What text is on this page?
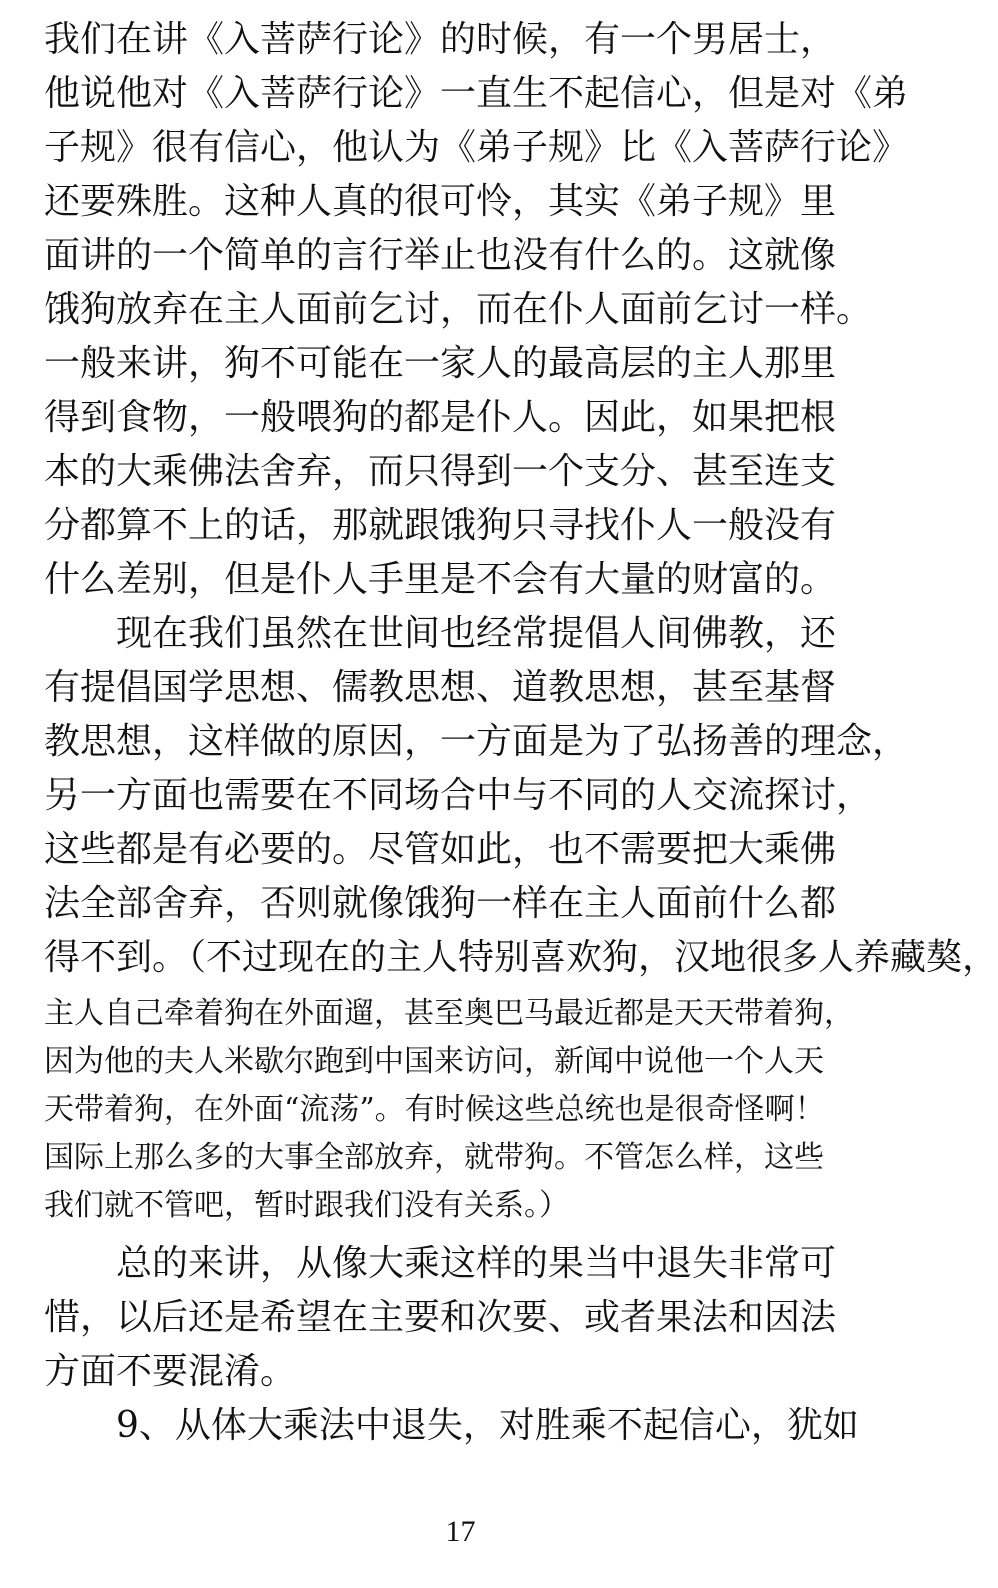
我们在讲《入菩萨行论》的时候，有一个男居士，
他说他对《入菩萨行论》一直生不起信心，但是对《弟
子规》很有信心，他认为《弟子规》比《入菩萨行论》
还要殊胜。这种人真的很可怜，其实《弟子规》里
面讲的一个简单的言行举止也没有什么的。这就像
饿狗放弃在主人面前乞讨，而在仆人面前乞讨一样。
一般来讲，狗不可能在一家人的最高层的主人那里
得到食物，一般喂狗的都是仆人。因此，如果把根
本的大乘佛法舍弃，而只得到一个支分、甚至连支
分都算不上的话，那就跟饿狗只寻找仆人一般没有
什么差别，但是仆人手里是不会有大量的财富的。
　　现在我们虽然在世间也经常提倡人间佛教，还
有提倡国学思想、儒教思想、道教思想，甚至基督
教思想，这样做的原因，一方面是为了弘扬善的理念，
另一方面也需要在不同场合中与不同的人交流探讨，
这些都是有必要的。尽管如此，也不需要把大乘佛
法全部舍弃，否则就像饿狗一样在主人面前什么都
得不到。（不过现在的主人特别喜欢狗，汉地很多人养藏獒，
主人自己牵着狗在外面遛，甚至奥巴马最近都是天天带着狗，
因为他的夫人米歇尔跑到中国来访问，新闻中说他一个人天
天带着狗，在外面“流荡”。有时候这些总统也是很奇怪啊！
国际上那么多的大事全部放弃，就带狗。不管怎么样，这些
我们就不管吧，暂时跟我们没有关系。）
　　总的来讲，从像大乘这样的果当中退失非常可
惜，以后还是希望在主要和次要、或者果法和因法
方面不要混淆。
　　9、从体大乘法中退失，对胜乘不起信心，犹如
17
